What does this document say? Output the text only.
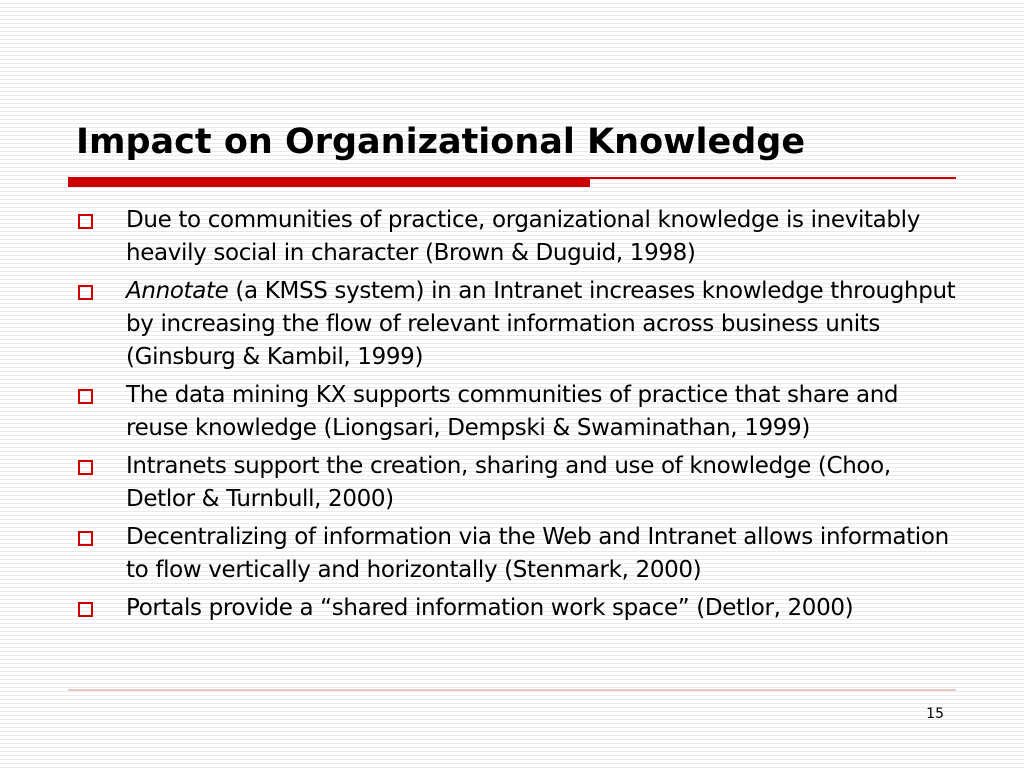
Impact on Organizational Knowledge
Due to communities of practice, organizational knowledge is inevitably heavily social in character (Brown & Duguid, 1998)
Annotate (a KMSS system) in an Intranet increases knowledge throughput by increasing the flow of relevant information across business units (Ginsburg & Kambil, 1999)
The data mining KX supports communities of practice that share and reuse knowledge (Liongsari, Dempski & Swaminathan, 1999)
Intranets support the creation, sharing and use of knowledge (Choo, Detlor & Turnbull, 2000)
Decentralizing of information via the Web and Intranet allows information to flow vertically and horizontally (Stenmark, 2000)
Portals provide a “shared information work space” (Detlor, 2000)
15
